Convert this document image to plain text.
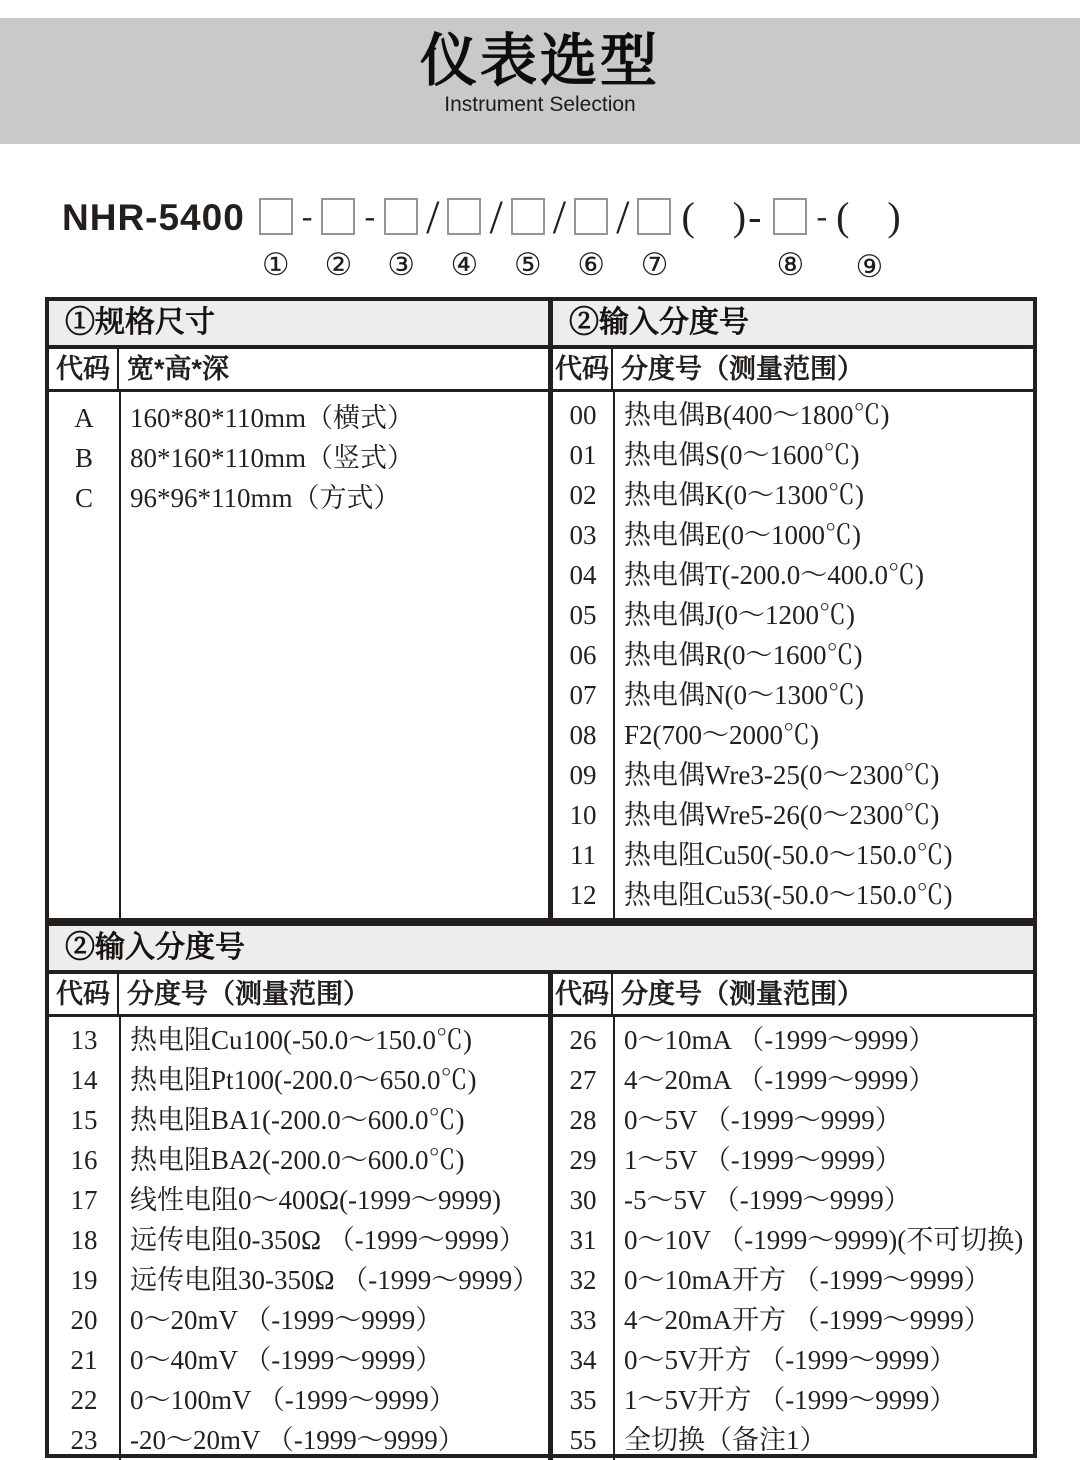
仪表选型
Instrument Selection
NHR-5400
①
-
②
-
③
/
④
/
⑤
/
⑥
/
⑦
(   )-
⑧
- (   )
⑨
①规格尺寸
代码 宽*高*深
A	160*80*110mm（横式）
B	80*160*110mm（竖式）
C	96*96*110mm（方式）
②输入分度号
代码 分度号（测量范围）
00	热电偶B(400～1800℃)
01	热电偶S(0～1600℃)
02	热电偶K(0～1300℃)
03	热电偶E(0～1000℃)
04	热电偶T(-200.0～400.0℃)
05	热电偶J(0～1200℃)
06	热电偶R(0～1600℃)
07	热电偶N(0～1300℃)
08	F2(700～2000℃)
09	热电偶Wre3-25(0～2300℃)
10	热电偶Wre5-26(0～2300℃)
11	热电阻Cu50(-50.0～150.0℃)
12	热电阻Cu53(-50.0～150.0℃)
②输入分度号
代码 分度号（测量范围）
13	热电阻Cu100(-50.0～150.0℃)
14	热电阻Pt100(-200.0～650.0℃)
15	热电阻BA1(-200.0～600.0℃)
16	热电阻BA2(-200.0～600.0℃)
17	线性电阻0～400Ω(-1999～9999)
18	远传电阻0-350Ω （-1999～9999）
19	远传电阻30-350Ω （-1999～9999）
20	0～20mV （-1999～9999）
21	0～40mV （-1999～9999）
22	0～100mV （-1999～9999）
23	-20～20mV （-1999～9999）
代码 分度号（测量范围）
26	0～10mA （-1999～9999）
27	4～20mA （-1999～9999）
28	0～5V （-1999～9999）
29	1～5V （-1999～9999）
30	-5～5V （-1999～9999）
31	0～10V （-1999～9999)(不可切换)
32	0～10mA开方 （-1999～9999）
33	4～20mA开方 （-1999～9999）
34	0～5V开方 （-1999～9999）
35	1～5V开方 （-1999～9999）
55	全切换（备注1）
